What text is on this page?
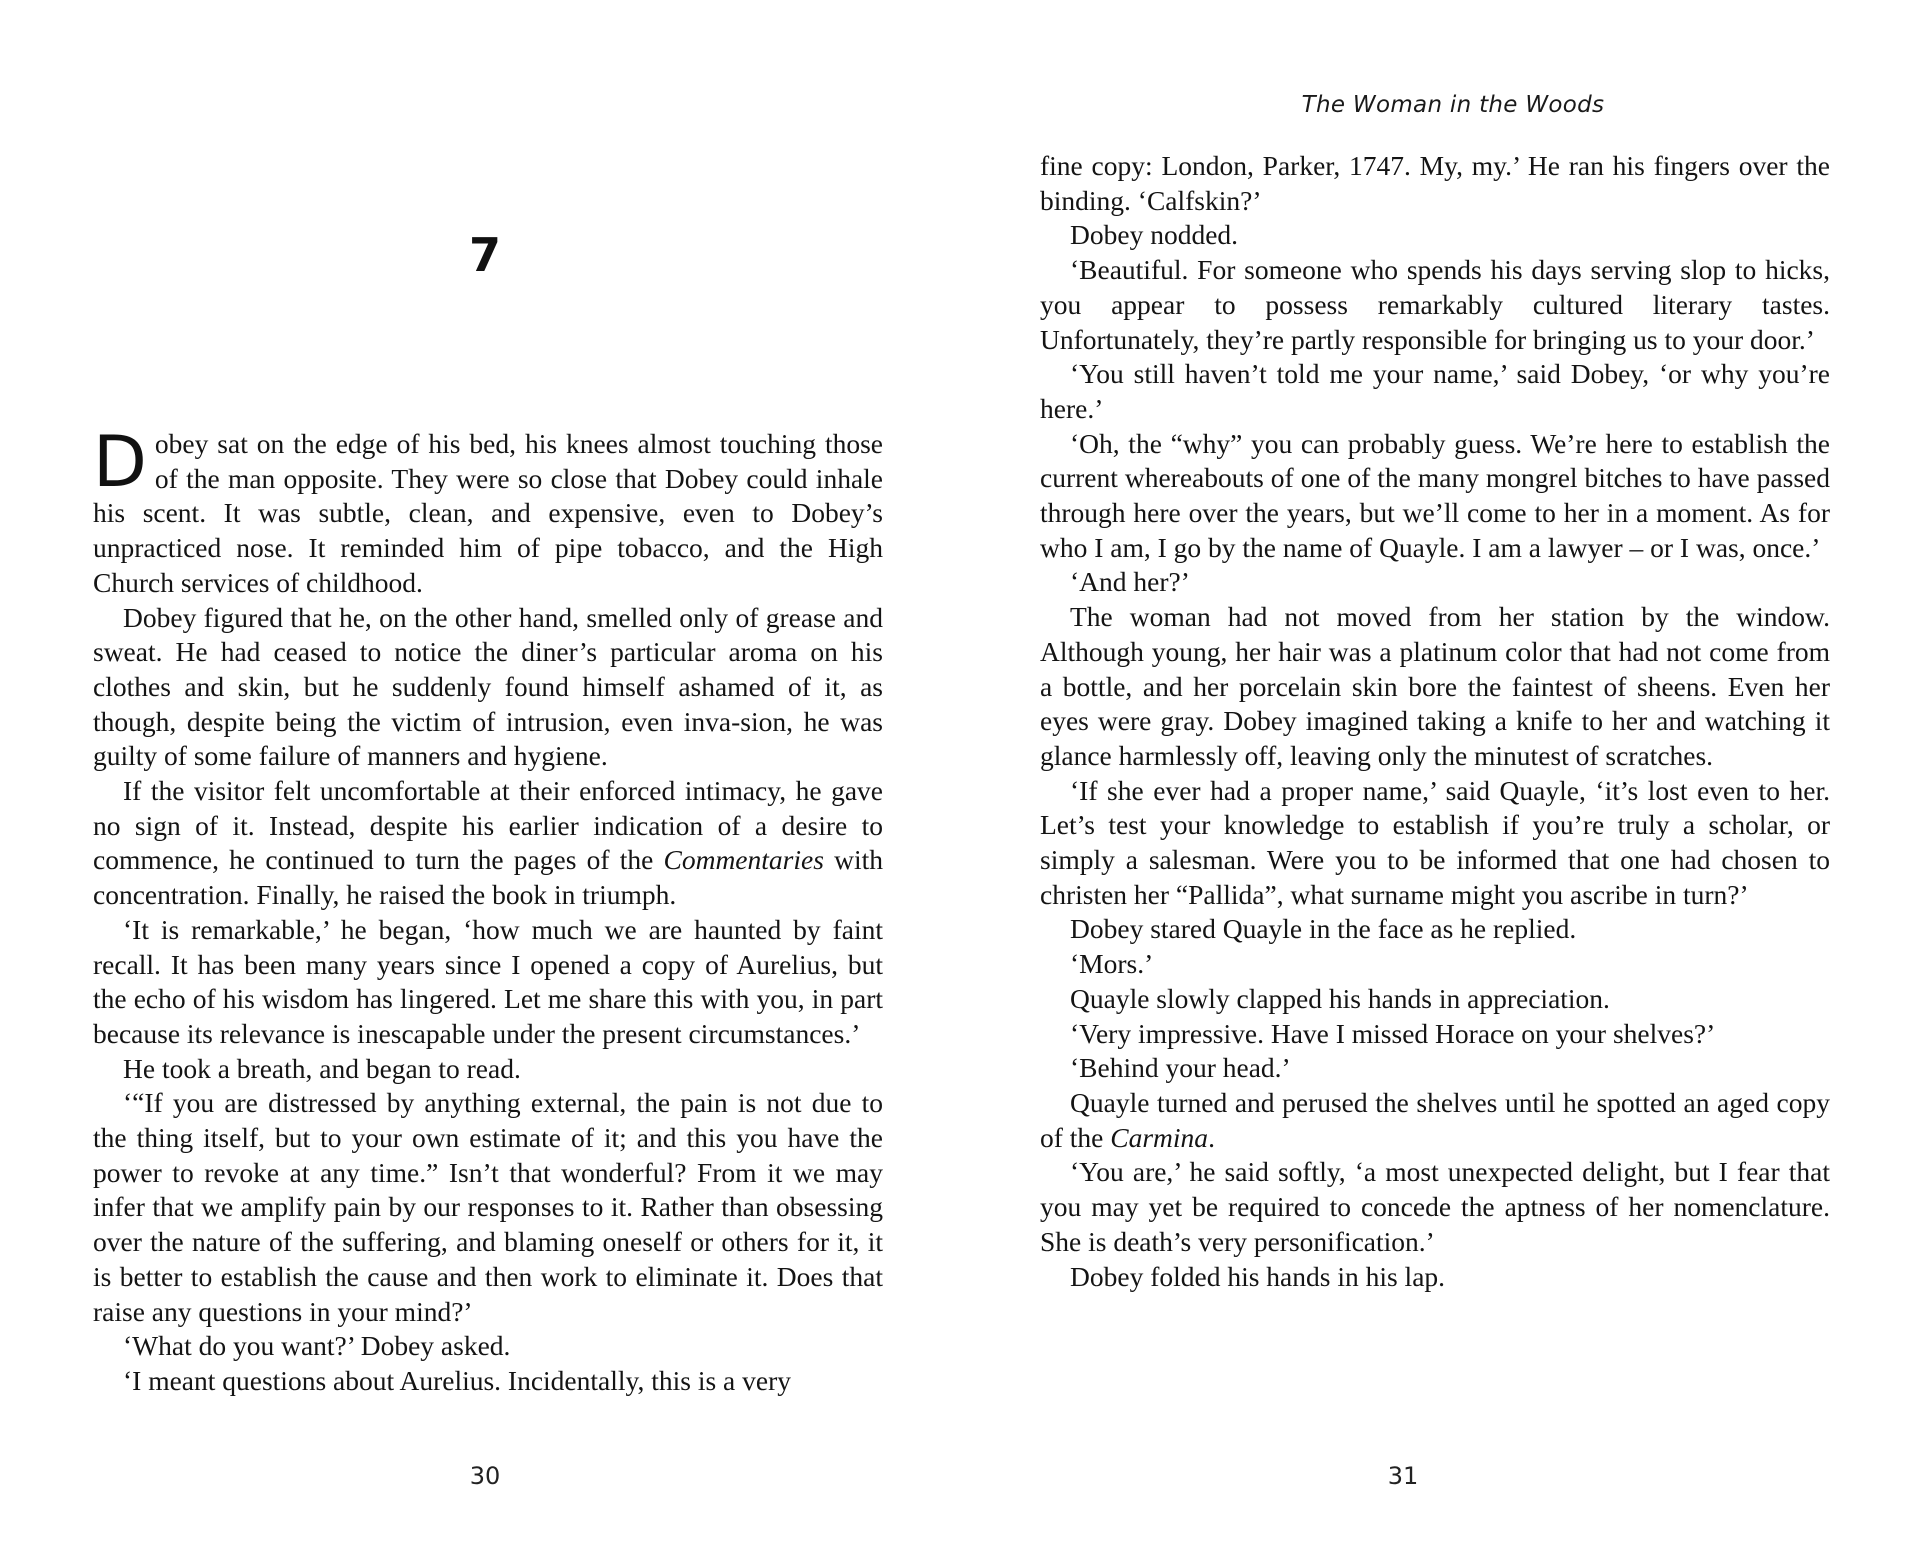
7

Dobey sat on the edge of his bed, his knees almost touching those of the man opposite. They were so close that Dobey could inhale his scent. It was subtle, clean, and expensive, even to Dobey’s unpracticed nose. It reminded him of pipe tobacco, and the High Church services of childhood.

Dobey figured that he, on the other hand, smelled only of grease and sweat. He had ceased to notice the diner’s particular aroma on his clothes and skin, but he suddenly found himself ashamed of it, as though, despite being the victim of intrusion, even inva-sion, he was guilty of some failure of manners and hygiene.

If the visitor felt uncomfortable at their enforced intimacy, he gave no sign of it. Instead, despite his earlier indication of a desire to commence, he continued to turn the pages of the Commentaries with concentration. Finally, he raised the book in triumph.

‘It is remarkable,’ he began, ‘how much we are haunted by faint recall. It has been many years since I opened a copy of Aurelius, but the echo of his wisdom has lingered. Let me share this with you, in part because its relevance is inescapable under the present circumstances.’

He took a breath, and began to read.

‘“If you are distressed by anything external, the pain is not due to the thing itself, but to your own estimate of it; and this you have the power to revoke at any time.” Isn’t that wonderful? From it we may infer that we amplify pain by our responses to it. Rather than obsessing over the nature of the suffering, and blaming oneself or others for it, it is better to establish the cause and then work to eliminate it. Does that raise any questions in your mind?’

‘What do you want?’ Dobey asked.

‘I meant questions about Aurelius. Incidentally, this is a very

30
The Woman in the Woods

fine copy: London, Parker, 1747. My, my.’ He ran his fingers over the binding. ‘Calfskin?’

Dobey nodded.

‘Beautiful. For someone who spends his days serving slop to hicks, you appear to possess remarkably cultured literary tastes. Unfortunately, they’re partly responsible for bringing us to your door.’

‘You still haven’t told me your name,’ said Dobey, ‘or why you’re here.’

‘Oh, the “why” you can probably guess. We’re here to establish the current whereabouts of one of the many mongrel bitches to have passed through here over the years, but we’ll come to her in a moment. As for who I am, I go by the name of Quayle. I am a lawyer – or I was, once.’

‘And her?’

The woman had not moved from her station by the window. Although young, her hair was a platinum color that had not come from a bottle, and her porcelain skin bore the faintest of sheens. Even her eyes were gray. Dobey imagined taking a knife to her and watching it glance harmlessly off, leaving only the minutest of scratches.

‘If she ever had a proper name,’ said Quayle, ‘it’s lost even to her. Let’s test your knowledge to establish if you’re truly a scholar, or simply a salesman. Were you to be informed that one had chosen to christen her “Pallida”, what surname might you ascribe in turn?’

Dobey stared Quayle in the face as he replied.

‘Mors.’

Quayle slowly clapped his hands in appreciation.

‘Very impressive. Have I missed Horace on your shelves?’

‘Behind your head.’

Quayle turned and perused the shelves until he spotted an aged copy of the Carmina.

‘You are,’ he said softly, ‘a most unexpected delight, but I fear that you may yet be required to concede the aptness of her nomenclature. She is death’s very personification.’

Dobey folded his hands in his lap.

31
